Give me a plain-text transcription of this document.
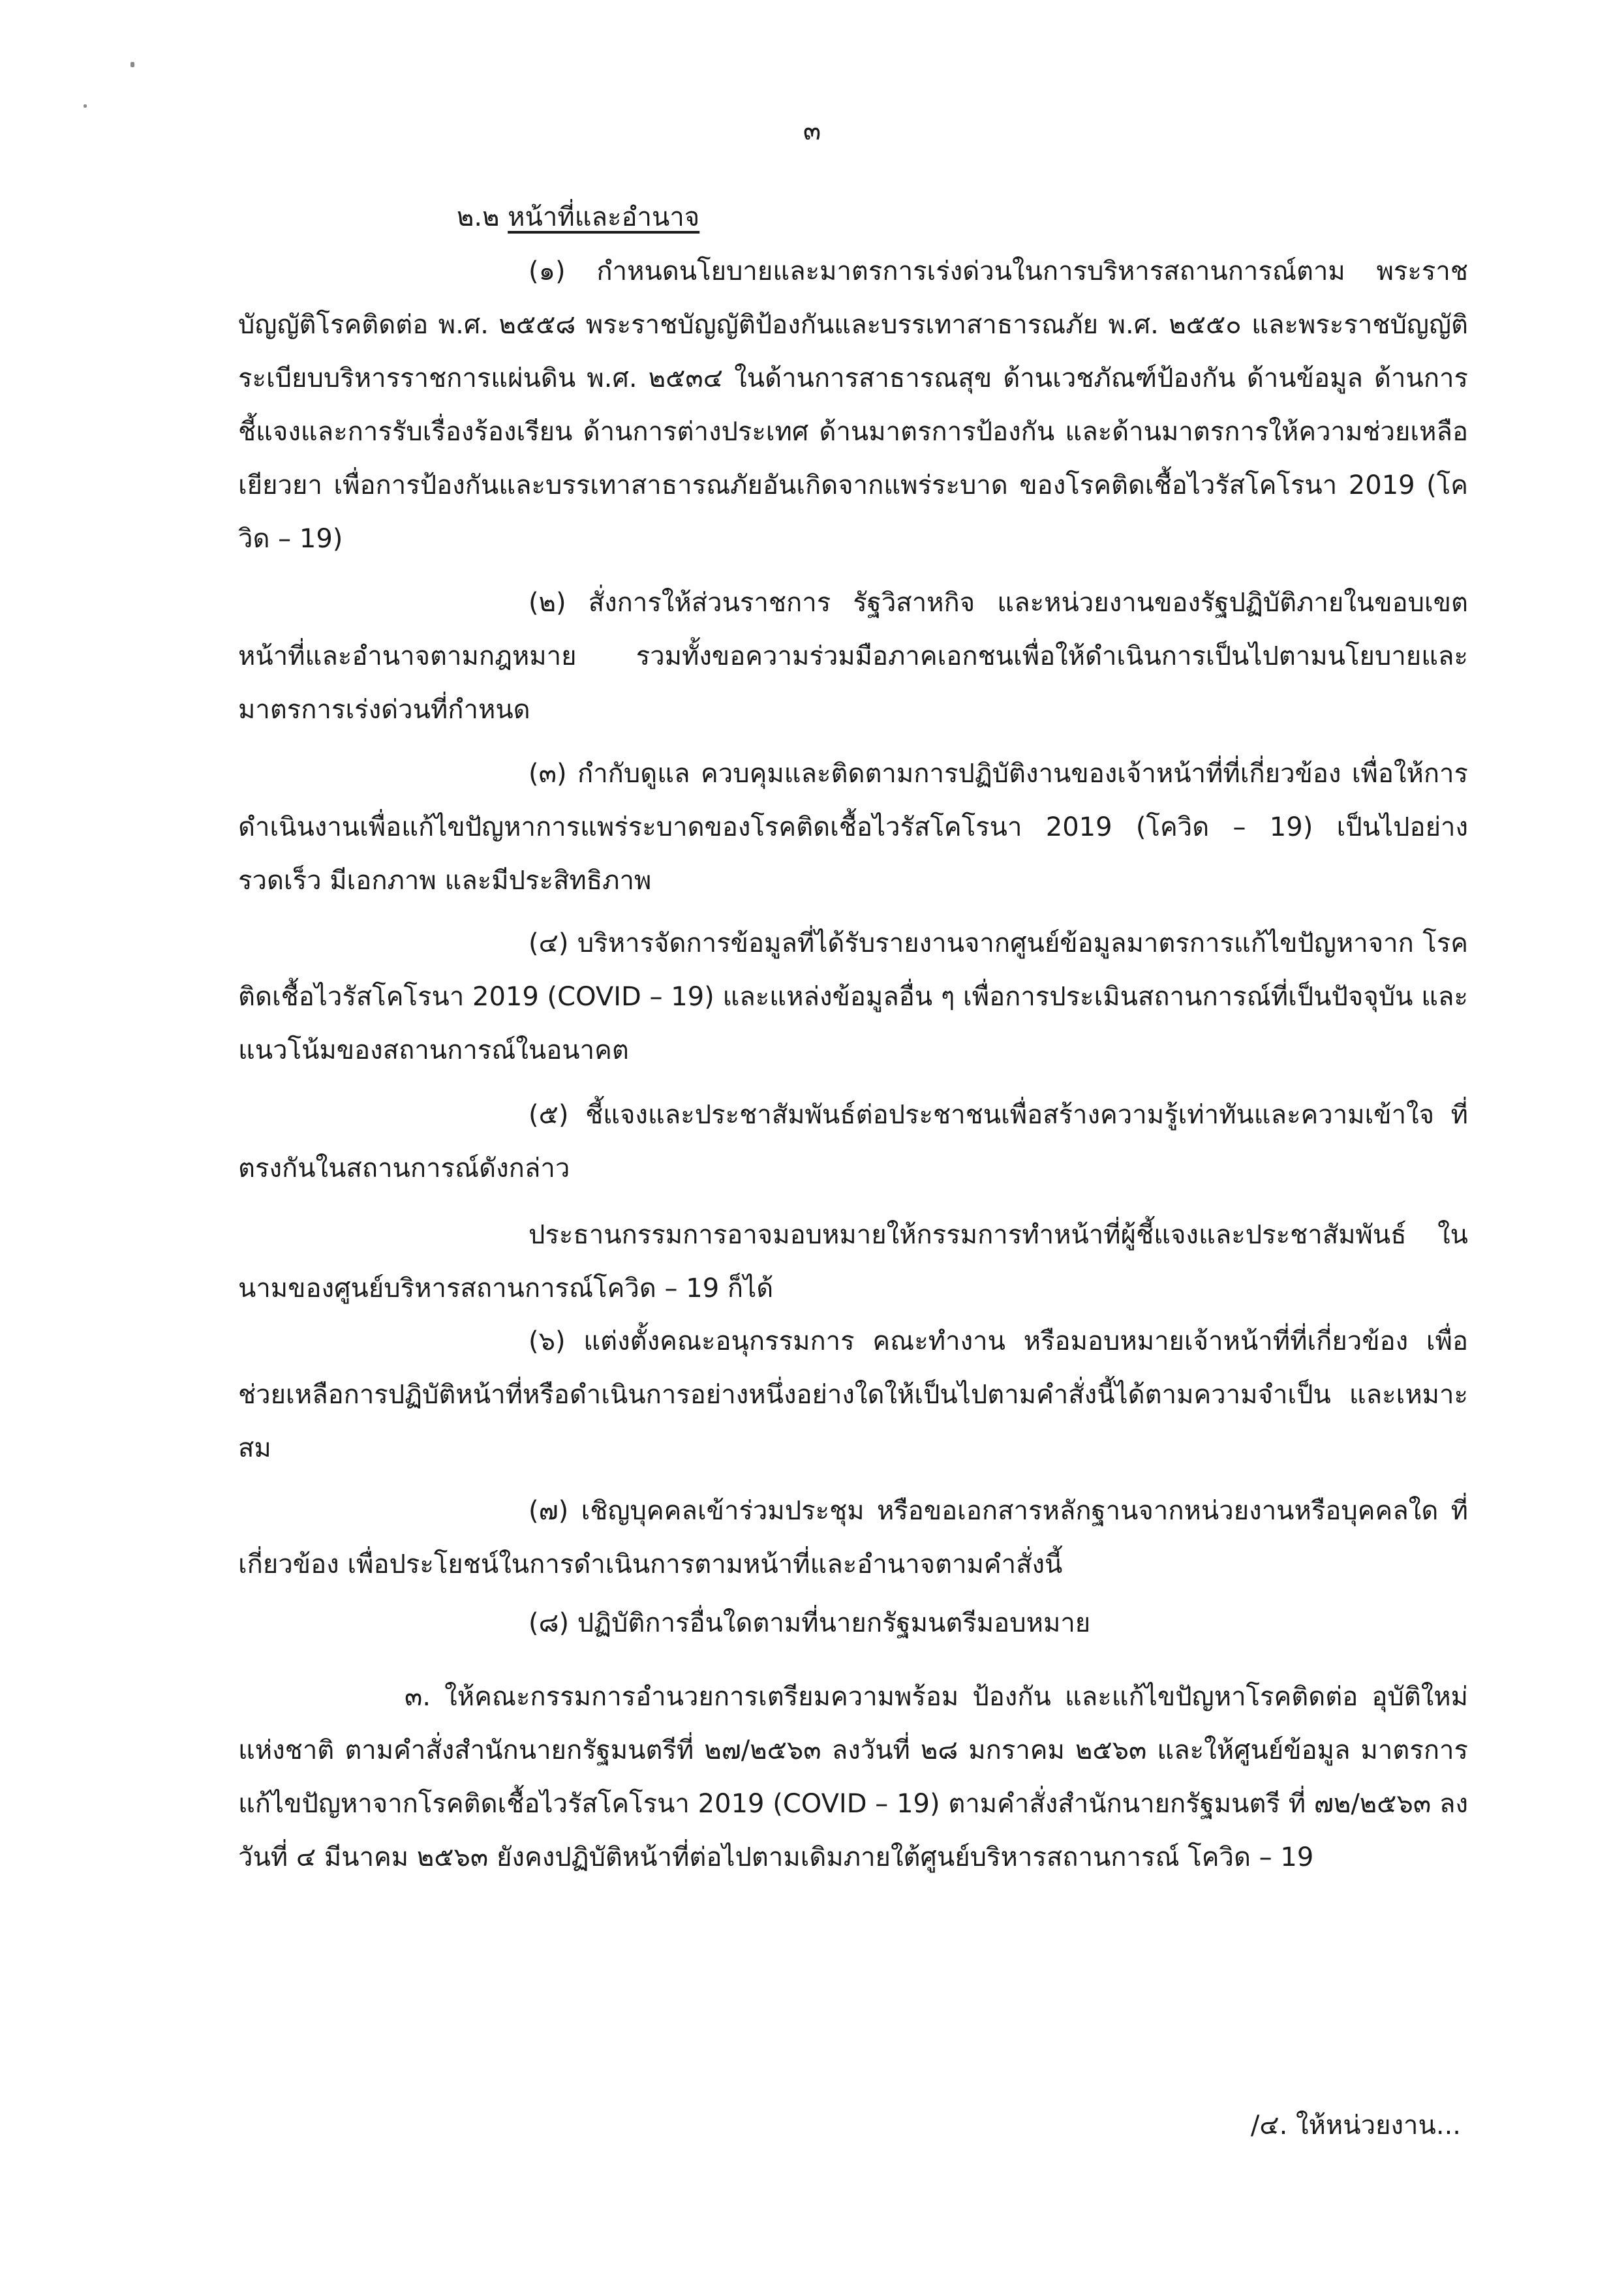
๓
๒.๒ หน้าที่และอำนาจ

(๑) กำหนดนโยบายและมาตรการเร่งด่วนในการบริหารสถานการณ์ตาม พระราชบัญญัติโรคติดต่อ พ.ศ. ๒๕๕๘ พระราชบัญญัติป้องกันและบรรเทาสาธารณภัย พ.ศ. ๒๕๕๐ และพระราชบัญญัติระเบียบบริหารราชการแผ่นดิน พ.ศ. ๒๕๓๔ ในด้านการสาธารณสุข ด้านเวชภัณฑ์ป้องกัน ด้านข้อมูล ด้านการชี้แจงและการรับเรื่องร้องเรียน ด้านการต่างประเทศ ด้านมาตรการป้องกัน และด้านมาตรการให้ความช่วยเหลือเยียวยา เพื่อการป้องกันและบรรเทาสาธารณภัยอันเกิดจากแพร่ระบาด ของโรคติดเชื้อไวรัสโคโรนา 2019 (โควิด – 19)

(๒) สั่งการให้ส่วนราชการ รัฐวิสาหกิจ และหน่วยงานของรัฐปฏิบัติภายในขอบเขต หน้าที่และอำนาจตามกฎหมาย รวมทั้งขอความร่วมมือภาคเอกชนเพื่อให้ดำเนินการเป็นไปตามนโยบายและ มาตรการเร่งด่วนที่กำหนด

(๓) กำกับดูแล ควบคุมและติดตามการปฏิบัติงานของเจ้าหน้าที่ที่เกี่ยวข้อง เพื่อให้การดำเนินงานเพื่อแก้ไขปัญหาการแพร่ระบาดของโรคติดเชื้อไวรัสโคโรนา 2019 (โควิด – 19) เป็นไปอย่างรวดเร็ว มีเอกภาพ และมีประสิทธิภาพ

(๔) บริหารจัดการข้อมูลที่ได้รับรายงานจากศูนย์ข้อมูลมาตรการแก้ไขปัญหาจาก โรคติดเชื้อไวรัสโคโรนา 2019 (COVID – 19) และแหล่งข้อมูลอื่น ๆ เพื่อการประเมินสถานการณ์ที่เป็นปัจจุบัน และแนวโน้มของสถานการณ์ในอนาคต

(๕) ชี้แจงและประชาสัมพันธ์ต่อประชาชนเพื่อสร้างความรู้เท่าทันและความเข้าใจ ที่ตรงกันในสถานการณ์ดังกล่าว

ประธานกรรมการอาจมอบหมายให้กรรมการทำหน้าที่ผู้ชี้แจงและประชาสัมพันธ์ ในนามของศูนย์บริหารสถานการณ์โควิด – 19 ก็ได้

(๖) แต่งตั้งคณะอนุกรรมการ คณะทำงาน หรือมอบหมายเจ้าหน้าที่ที่เกี่ยวข้อง เพื่อช่วยเหลือการปฏิบัติหน้าที่หรือดำเนินการอย่างหนึ่งอย่างใดให้เป็นไปตามคำสั่งนี้ได้ตามความจำเป็น และเหมาะสม

(๗) เชิญบุคคลเข้าร่วมประชุม หรือขอเอกสารหลักฐานจากหน่วยงานหรือบุคคลใด ที่เกี่ยวข้อง เพื่อประโยชน์ในการดำเนินการตามหน้าที่และอำนาจตามคำสั่งนี้

(๘) ปฏิบัติการอื่นใดตามที่นายกรัฐมนตรีมอบหมาย

๓. ให้คณะกรรมการอำนวยการเตรียมความพร้อม ป้องกัน และแก้ไขปัญหาโรคติดต่อ อุบัติใหม่แห่งชาติ ตามคำสั่งสำนักนายกรัฐมนตรีที่ ๒๗/๒๕๖๓ ลงวันที่ ๒๘ มกราคม ๒๕๖๓ และให้ศูนย์ข้อมูล มาตรการแก้ไขปัญหาจากโรคติดเชื้อไวรัสโคโรนา 2019 (COVID – 19) ตามคำสั่งสำนักนายกรัฐมนตรี ที่ ๗๒/๒๕๖๓ ลงวันที่ ๔ มีนาคม ๒๕๖๓ ยังคงปฏิบัติหน้าที่ต่อไปตามเดิมภายใต้ศูนย์บริหารสถานการณ์ โควิด – 19

/๔. ให้หน่วยงาน...
